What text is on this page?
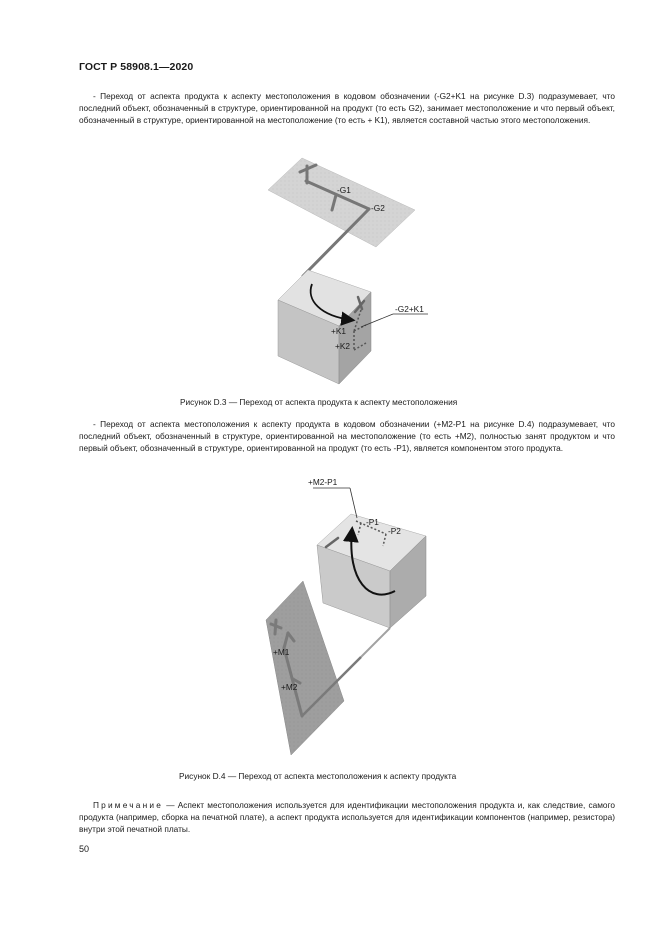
ГОСТ Р 58908.1—2020

- Переход от аспекта продукта к аспекту местоположения в кодовом обозначении (-G2+K1 на рисунке D.3) подразумевает, что последний объект, обозначенный в структуре, ориентированной на продукт (то есть G2), занимает местоположение и что первый объект, обозначенный в структуре, ориентированной на местоположение (то есть + K1), является составной частью этого местоположения.

-G1
-G2
+K1
+K2
-G2+K1
Рисунок D.3 — Переход от аспекта продукта к аспекту местоположения

- Переход от аспекта местоположения к аспекту продукта в кодовом обозначении (+M2-P1 на рисунке D.4) подразумевает, что последний объект, обозначенный в структуре, ориентированной на местоположение (то есть +M2), полностью занят продуктом и что первый объект, обозначенный в структуре, ориентированной на продукт (то есть -P1), является компонентом этого продукта.

-P1
-P2
+M2-P1
+M1
+M2
Рисунок D.4 — Переход от аспекта местоположения к аспекту продукта

Примечание — Аспект местоположения используется для идентификации местоположения продукта и, как следствие, самого продукта (например, сборка на печатной плате), а аспект продукта используется для идентификации компонентов (например, резистора) внутри этой печатной платы.

50
